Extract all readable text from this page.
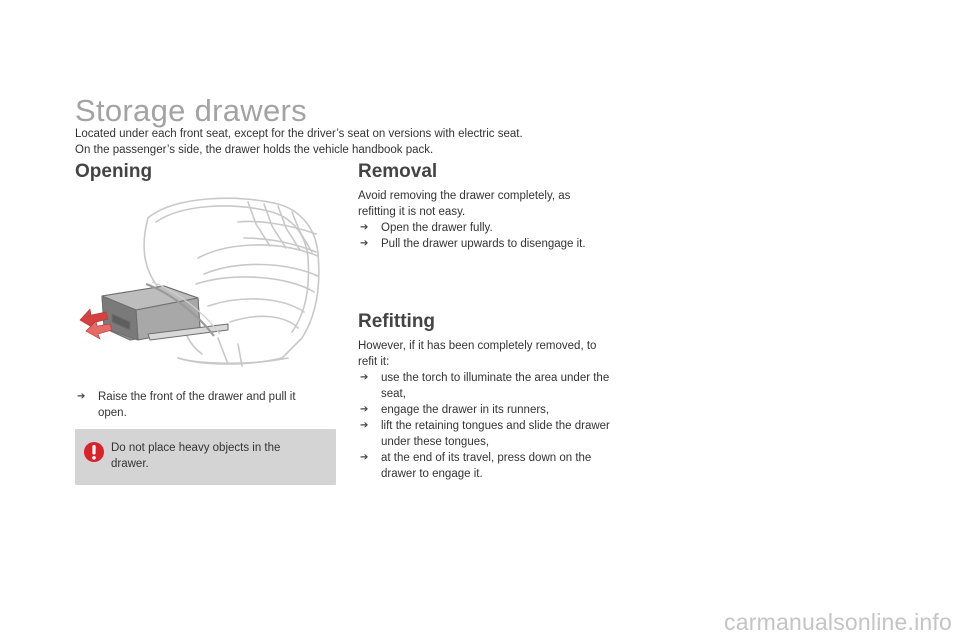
Storage drawers
Located under each front seat, except for the driver’s seat on versions with electric seat.
On the passenger’s side, the drawer holds the vehicle handbook pack.
Opening
➔ Raise the front of the drawer and pull it open.
Do not place heavy objects in the drawer.
Removal

Avoid removing the drawer completely, as refitting it is not easy.

➔ Open the drawer fully.
➔ Pull the drawer upwards to disengage it.
Refitting

However, if it has been completely removed, to refit it:

➔ use the torch to illuminate the area under the seat,
➔ engage the drawer in its runners,
➔ lift the retaining tongues and slide the drawer under these tongues,
➔ at the end of its travel, press down on the drawer to engage it.
carmanualsonline.info
